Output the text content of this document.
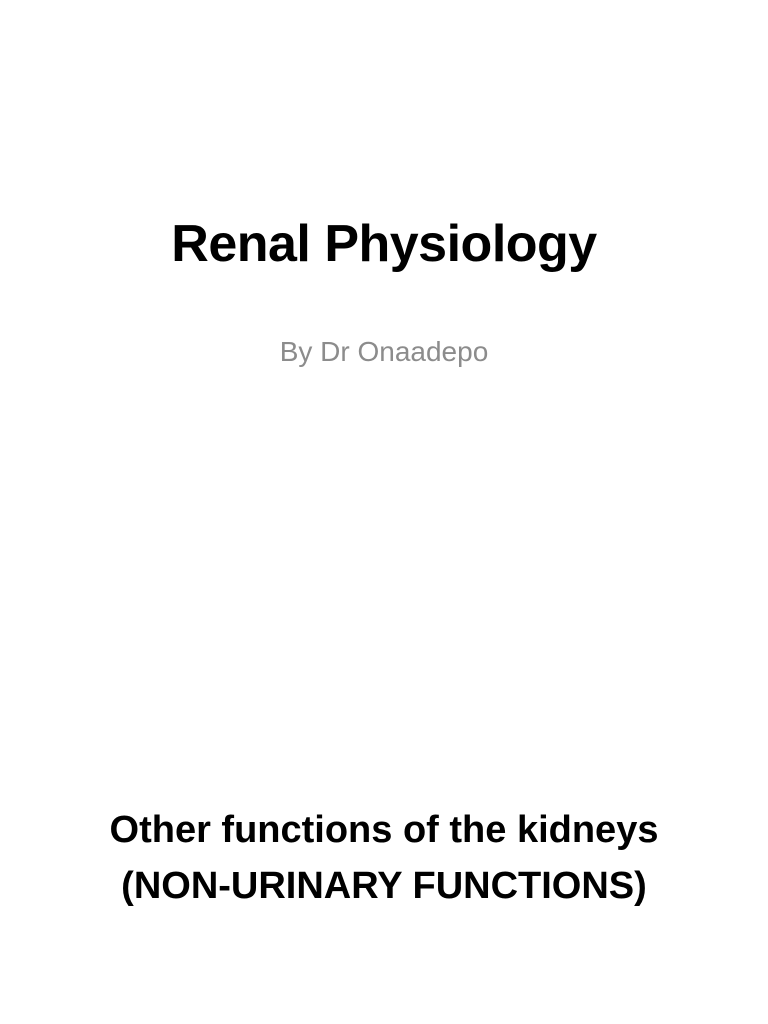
Renal Physiology

By Dr Onaadepo

Other functions of the kidneys
(NON-URINARY FUNCTIONS)
